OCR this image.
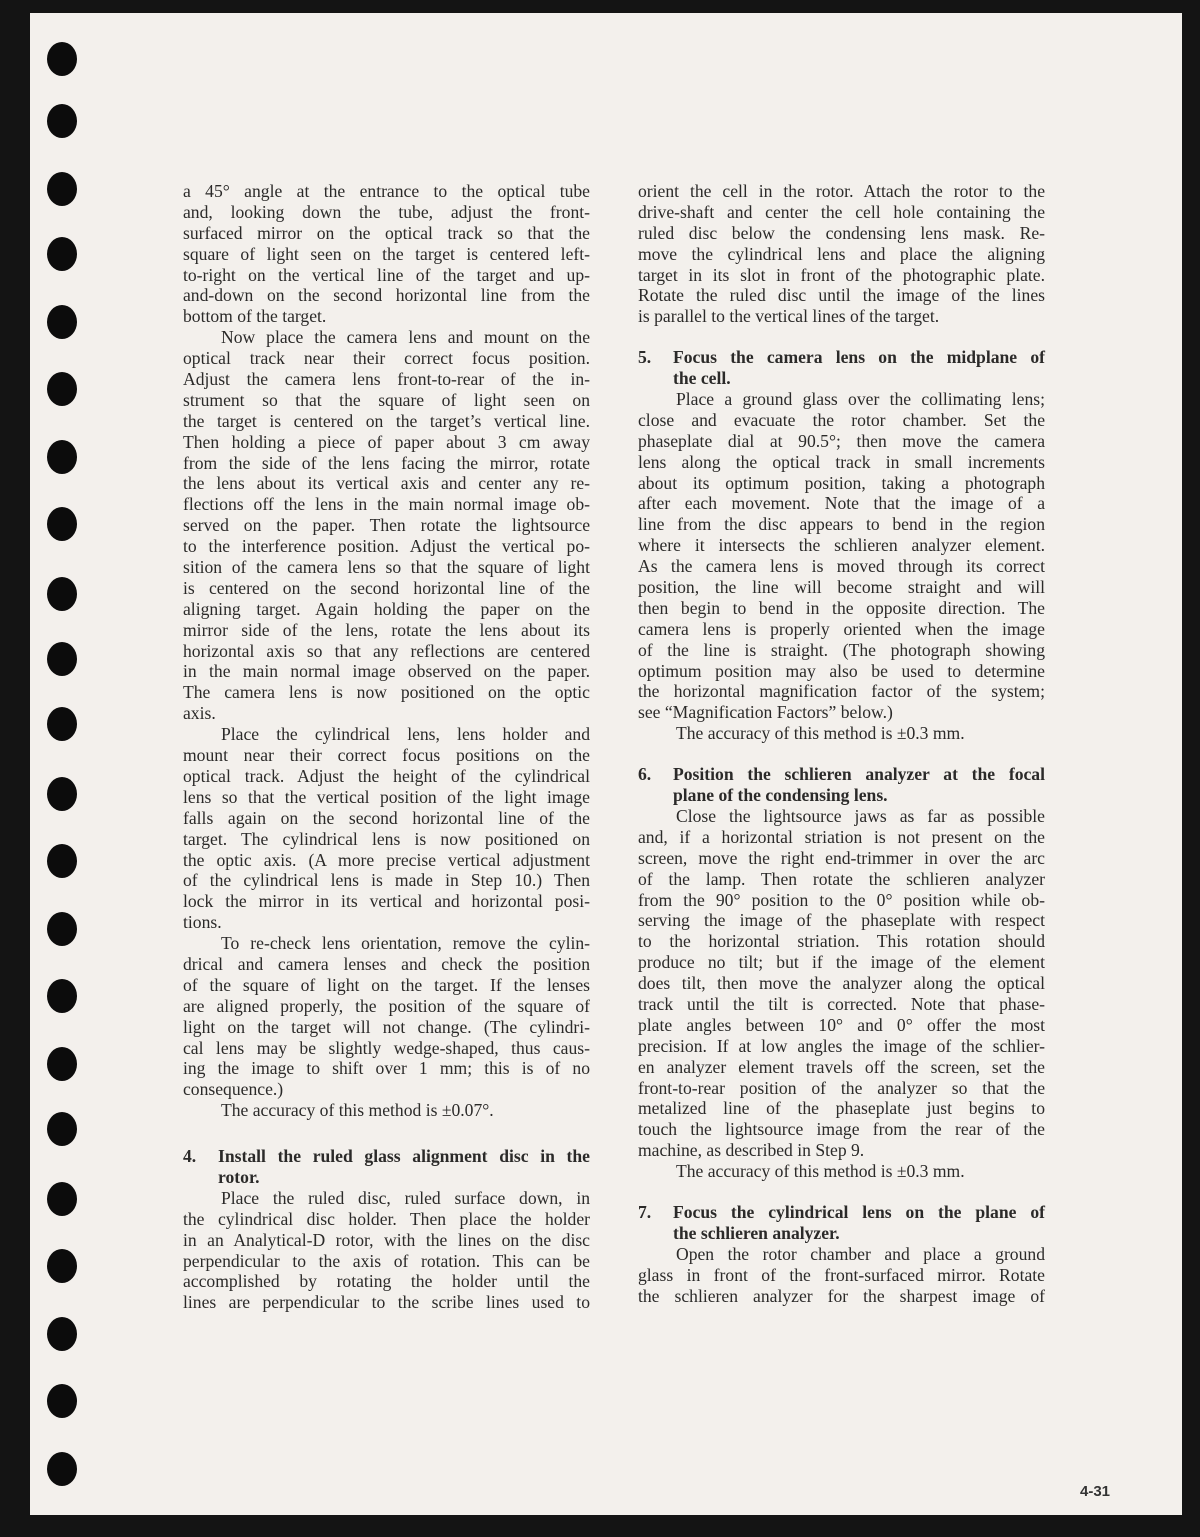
a 45° angle at the entrance to the optical tube
and, looking down the tube, adjust the front-
surfaced mirror on the optical track so that the
square of light seen on the target is centered left-
to-right on the vertical line of the target and up-
and-down on the second horizontal line from the
bottom of the target.
Now place the camera lens and mount on the
optical track near their correct focus position.
Adjust the camera lens front-to-rear of the in-
strument so that the square of light seen on
the target is centered on the target’s vertical line.
Then holding a piece of paper about 3 cm away
from the side of the lens facing the mirror, rotate
the lens about its vertical axis and center any re-
flections off the lens in the main normal image ob-
served on the paper. Then rotate the lightsource
to the interference position. Adjust the vertical po-
sition of the camera lens so that the square of light
is centered on the second horizontal line of the
aligning target. Again holding the paper on the
mirror side of the lens, rotate the lens about its
horizontal axis so that any reflections are centered
in the main normal image observed on the paper.
The camera lens is now positioned on the optic
axis.
Place the cylindrical lens, lens holder and
mount near their correct focus positions on the
optical track. Adjust the height of the cylindrical
lens so that the vertical position of the light image
falls again on the second horizontal line of the
target. The cylindrical lens is now positioned on
the optic axis. (A more precise vertical adjustment
of the cylindrical lens is made in Step 10.) Then
lock the mirror in its vertical and horizontal posi-
tions.
To re-check lens orientation, remove the cylin-
drical and camera lenses and check the position
of the square of light on the target. If the lenses
are aligned properly, the position of the square of
light on the target will not change. (The cylindri-
cal lens may be slightly wedge-shaped, thus caus-
ing the image to shift over 1 mm; this is of no
consequence.)
The accuracy of this method is ±0.07°.
4. Install the ruled glass alignment disc in the
rotor.
Place the ruled disc, ruled surface down, in
the cylindrical disc holder. Then place the holder
in an Analytical-D rotor, with the lines on the disc
perpendicular to the axis of rotation. This can be
accomplished by rotating the holder until the
lines are perpendicular to the scribe lines used to
orient the cell in the rotor. Attach the rotor to the
drive-shaft and center the cell hole containing the
ruled disc below the condensing lens mask. Re-
move the cylindrical lens and place the aligning
target in its slot in front of the photographic plate.
Rotate the ruled disc until the image of the lines
is parallel to the vertical lines of the target.
5. Focus the camera lens on the midplane of
the cell.
Place a ground glass over the collimating lens;
close and evacuate the rotor chamber. Set the
phaseplate dial at 90.5°; then move the camera
lens along the optical track in small increments
about its optimum position, taking a photograph
after each movement. Note that the image of a
line from the disc appears to bend in the region
where it intersects the schlieren analyzer element.
As the camera lens is moved through its correct
position, the line will become straight and will
then begin to bend in the opposite direction. The
camera lens is properly oriented when the image
of the line is straight. (The photograph showing
optimum position may also be used to determine
the horizontal magnification factor of the system;
see “Magnification Factors” below.)
The accuracy of this method is ±0.3 mm.
6. Position the schlieren analyzer at the focal
plane of the condensing lens.
Close the lightsource jaws as far as possible
and, if a horizontal striation is not present on the
screen, move the right end-trimmer in over the arc
of the lamp. Then rotate the schlieren analyzer
from the 90° position to the 0° position while ob-
serving the image of the phaseplate with respect
to the horizontal striation. This rotation should
produce no tilt; but if the image of the element
does tilt, then move the analyzer along the optical
track until the tilt is corrected. Note that phase-
plate angles between 10° and 0° offer the most
precision. If at low angles the image of the schlier-
en analyzer element travels off the screen, set the
front-to-rear position of the analyzer so that the
metalized line of the phaseplate just begins to
touch the lightsource image from the rear of the
machine, as described in Step 9.
The accuracy of this method is ±0.3 mm.
7. Focus the cylindrical lens on the plane of
the schlieren analyzer.
Open the rotor chamber and place a ground
glass in front of the front-surfaced mirror. Rotate
the schlieren analyzer for the sharpest image of
4-31
